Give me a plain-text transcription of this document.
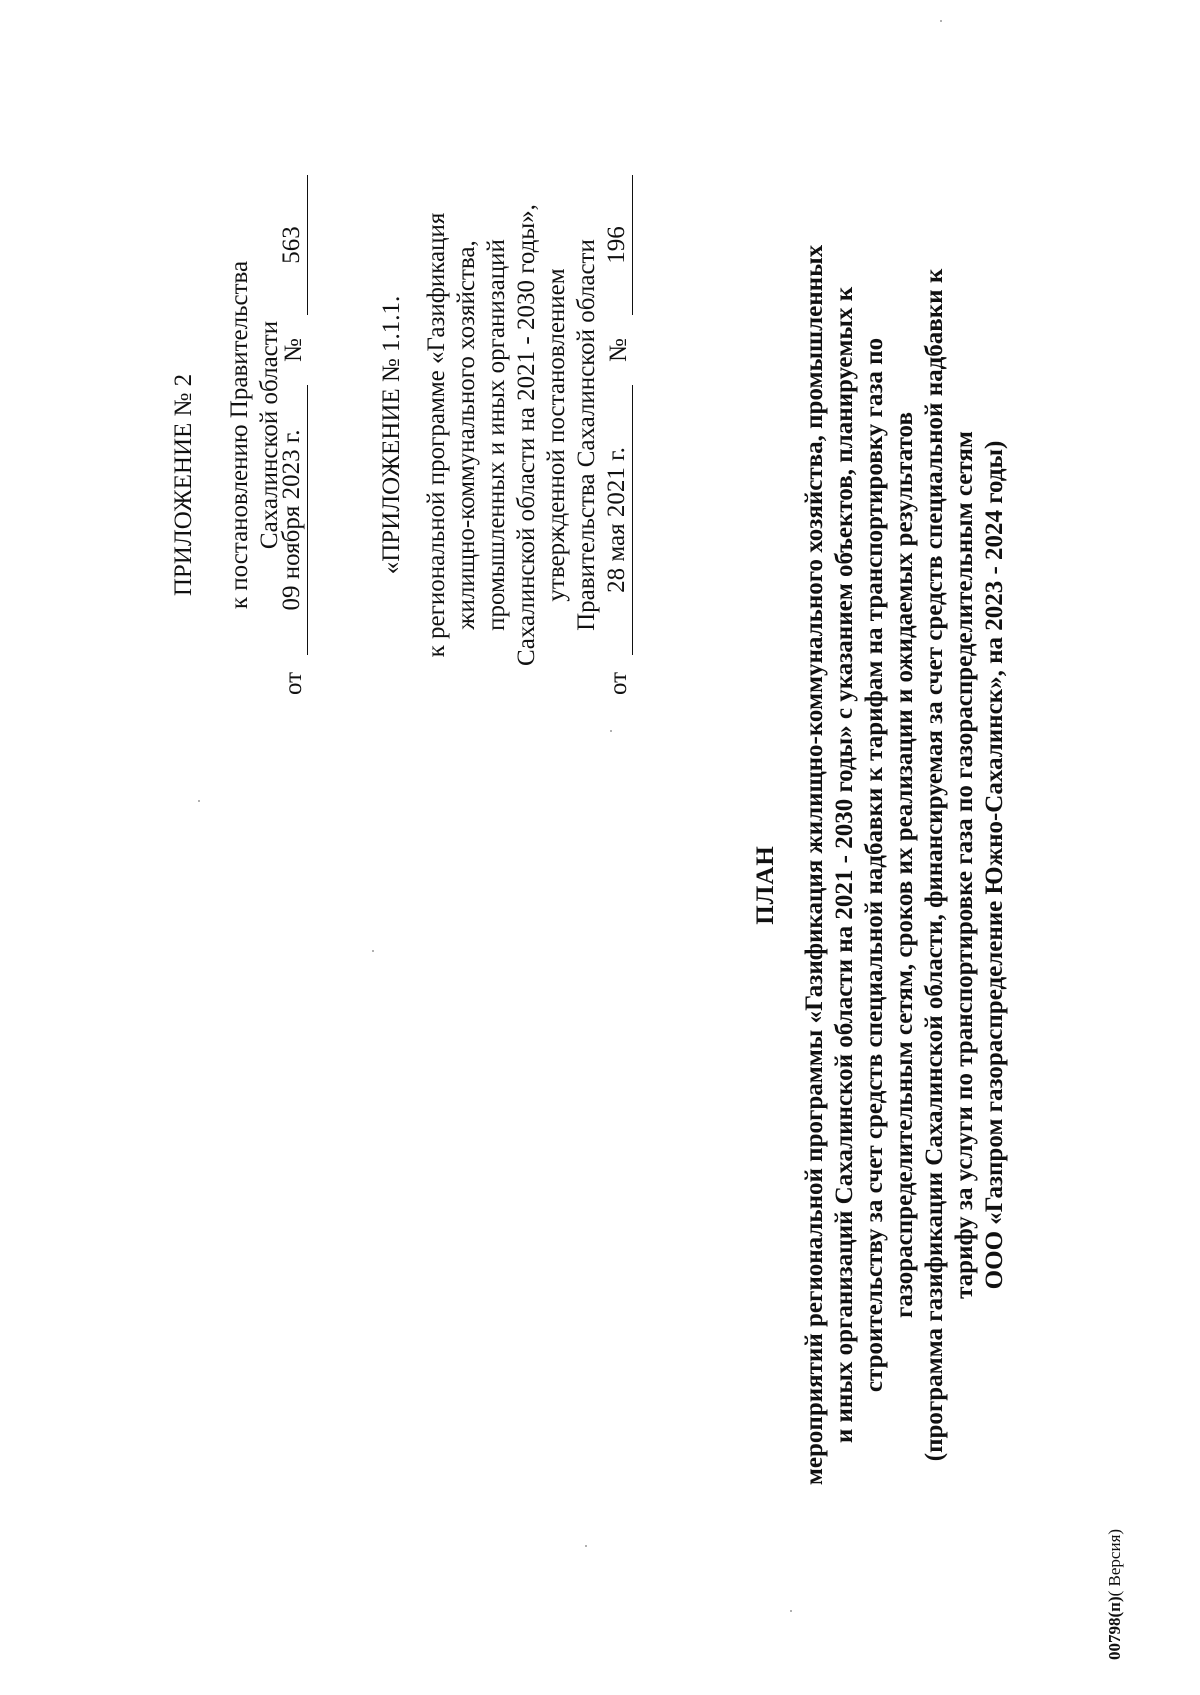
ПРИЛОЖЕНИЕ № 2 к постановлению Правительства Сахалинской области
от
09 ноября 2023 г.
№
563
«ПРИЛОЖЕНИЕ № 1.1.1. к региональной программе «Газификация жилищно-коммунального хозяйства, промышленных и иных организаций Сахалинской области на 2021 - 2030 годы», утвержденной постановлением Правительства Сахалинской области
от
28 мая 2021 г.
№
196
ПЛАН мероприятий региональной программы «Газификация жилищно-коммунального хозяйства, промышленных и иных организаций Сахалинской области на 2021 - 2030 годы» с указанием объектов, планируемых к строительству за счет средств специальной надбавки к тарифам на транспортировку газа по газораспределительным сетям, сроков их реализации и ожидаемых результатов (программа газификации Сахалинской области, финансируемая за счет средств специальной надбавки к тарифу за услуги по транспортировке газа по газораспределительным сетям ООО «Газпром газораспределение Южно-Сахалинск», на 2023 - 2024 годы)
00798(п)( Версия)
